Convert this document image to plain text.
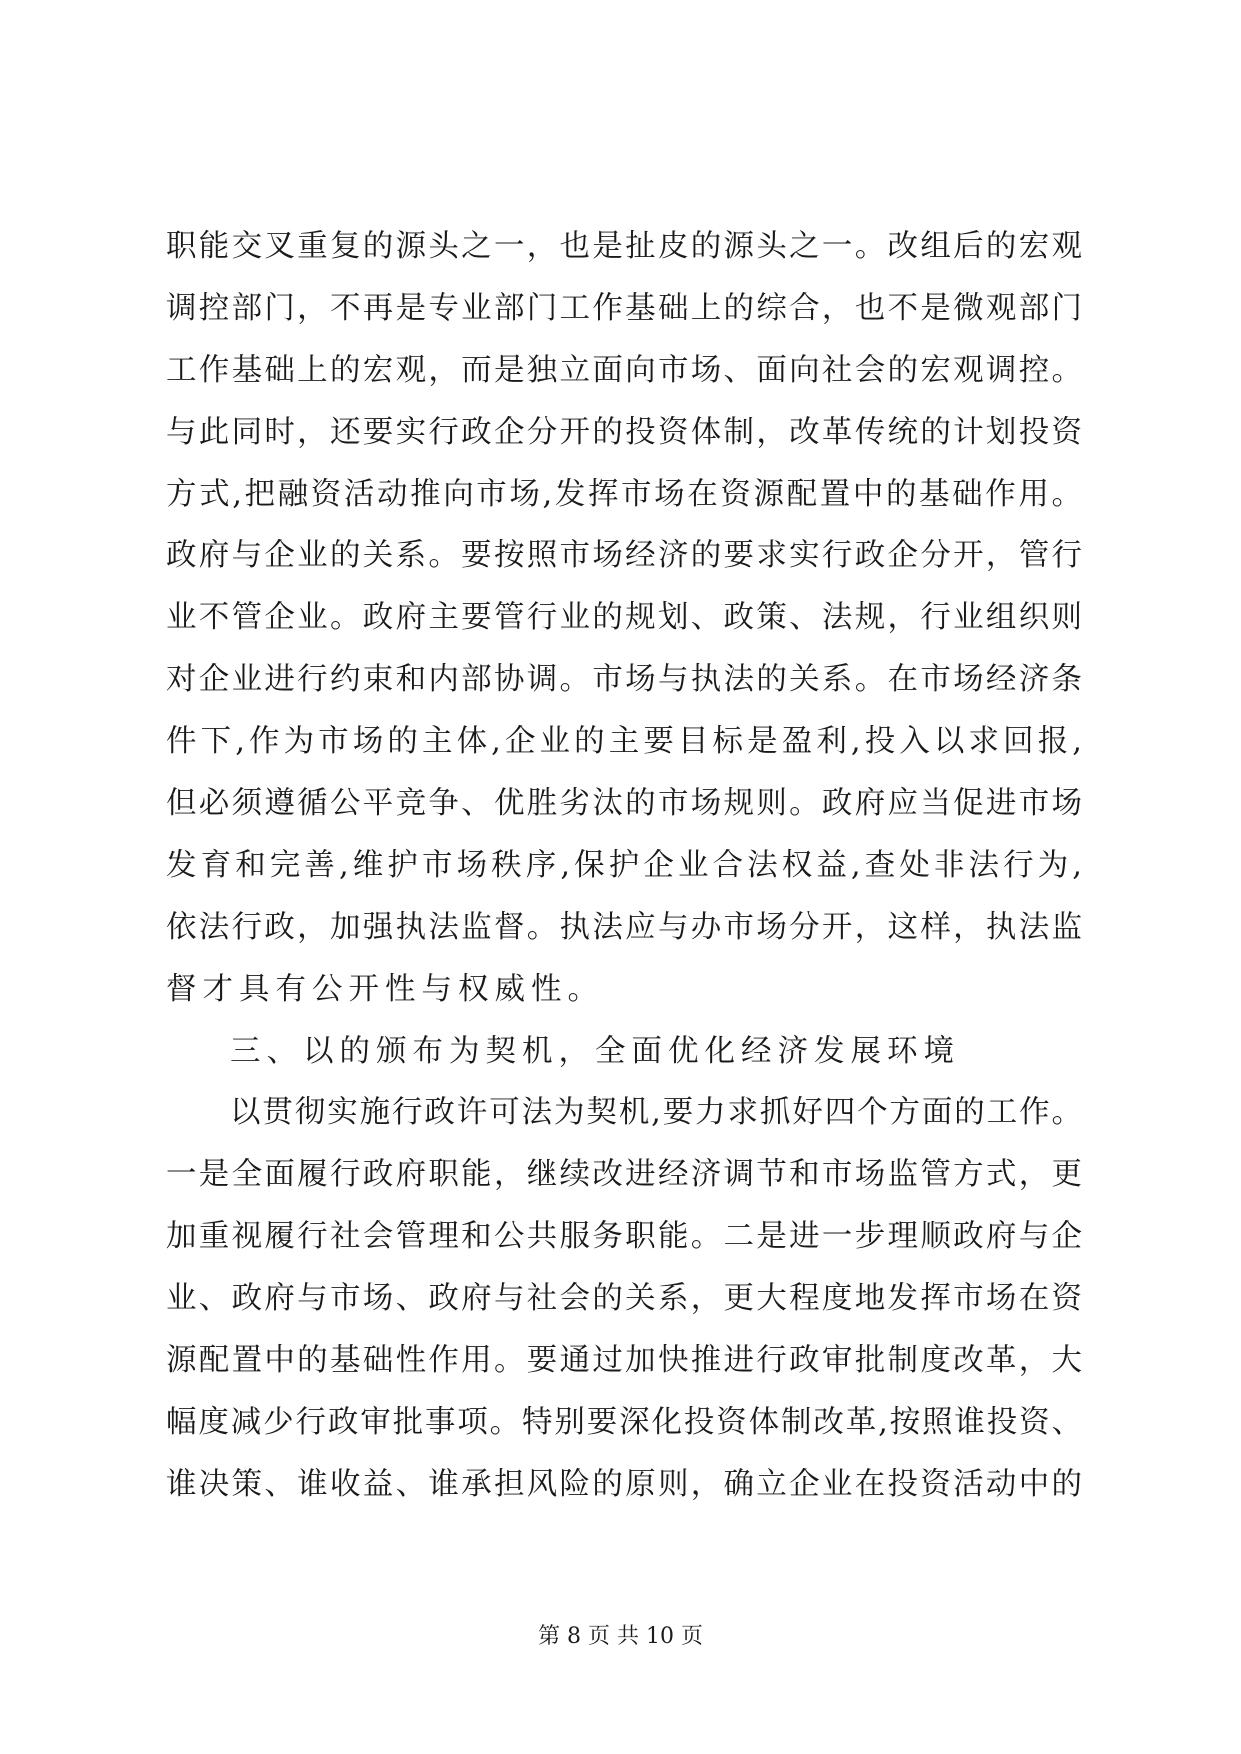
职能交叉重复的源头之一，也是扯皮的源头之一。改组后的宏观
调控部门，不再是专业部门工作基础上的综合，也不是微观部门
工作基础上的宏观，而是独立面向市场、面向社会的宏观调控。
与此同时，还要实行政企分开的投资体制，改革传统的计划投资
方式,把融资活动推向市场,发挥市场在资源配置中的基础作用。
政府与企业的关系。要按照市场经济的要求实行政企分开，管行
业不管企业。政府主要管行业的规划、政策、法规，行业组织则
对企业进行约束和内部协调。市场与执法的关系。在市场经济条
件下,作为市场的主体,企业的主要目标是盈利,投入以求回报,
但必须遵循公平竞争、优胜劣汰的市场规则。政府应当促进市场
发育和完善,维护市场秩序,保护企业合法权益,查处非法行为,
依法行政，加强执法监督。执法应与办市场分开，这样，执法监
督才具有公开性与权威性。
三、以的颁布为契机，全面优化经济发展环境
以贯彻实施行政许可法为契机,要力求抓好四个方面的工作。
一是全面履行政府职能，继续改进经济调节和市场监管方式，更
加重视履行社会管理和公共服务职能。二是进一步理顺政府与企
业、政府与市场、政府与社会的关系，更大程度地发挥市场在资
源配置中的基础性作用。要通过加快推进行政审批制度改革，大
幅度减少行政审批事项。特别要深化投资体制改革,按照谁投资、
谁决策、谁收益、谁承担风险的原则，确立企业在投资活动中的
第 8 页 共 10 页
